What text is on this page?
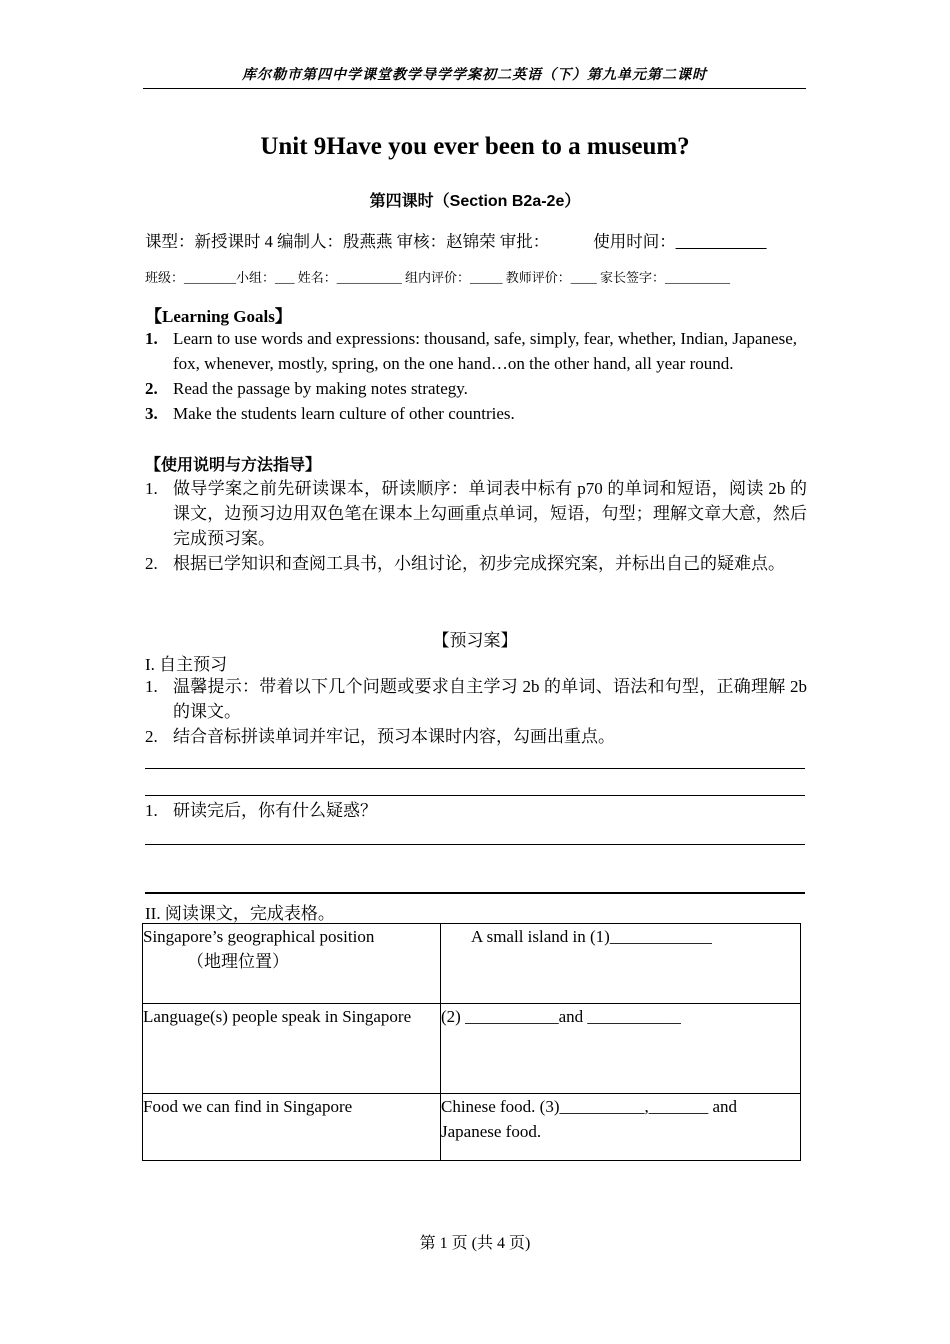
库尔勒市第四中学课堂教学导学学案初二英语（下）第九单元第二课时
Unit 9Have you ever been to a museum?
第四课时（Section B2a-2e）
课型：新授课时 4 编制人：殷燕燕 审核：赵锦荣 审批：	使用时间：___________
班级：________小组：___ 姓名：__________ 组内评价：_____ 教师评价：____ 家长签字：__________
【Learning Goals】
1. Learn to use words and expressions: thousand, safe, simply, fear, whether, Indian, Japanese, fox, whenever, mostly, spring, on the one hand…on the other hand, all year round.
2. Read the passage by making notes strategy.
3. Make the students learn culture of other countries.
【使用说明与方法指导】
1. 做导学案之前先研读课本，研读顺序：单词表中标有 p70 的单词和短语，阅读 2b 的课文，边预习边用双色笔在课本上勾画重点单词，短语，句型；理解文章大意，然后完成预习案。
2. 根据已学知识和查阅工具书，小组讨论，初步完成探究案，并标出自己的疑难点。
【预习案】
I. 自主预习
1. 温馨提示：带着以下几个问题或要求自主学习 2b 的单词、语法和句型，正确理解 2b 的课文。
2. 结合音标拼读单词并牢记，预习本课时内容，勾画出重点。
1. 研读完后，你有什么疑惑？
II. 阅读课文，完成表格。
Singapore’s geographical position
（地理位置）	A small island in (1)____________

Language(s) people speak in Singapore	(2) ___________and ___________

Food we can find in Singapore	Chinese food. (3)__________,_______ and Japanese food.
第 1 页 (共 4 页)
